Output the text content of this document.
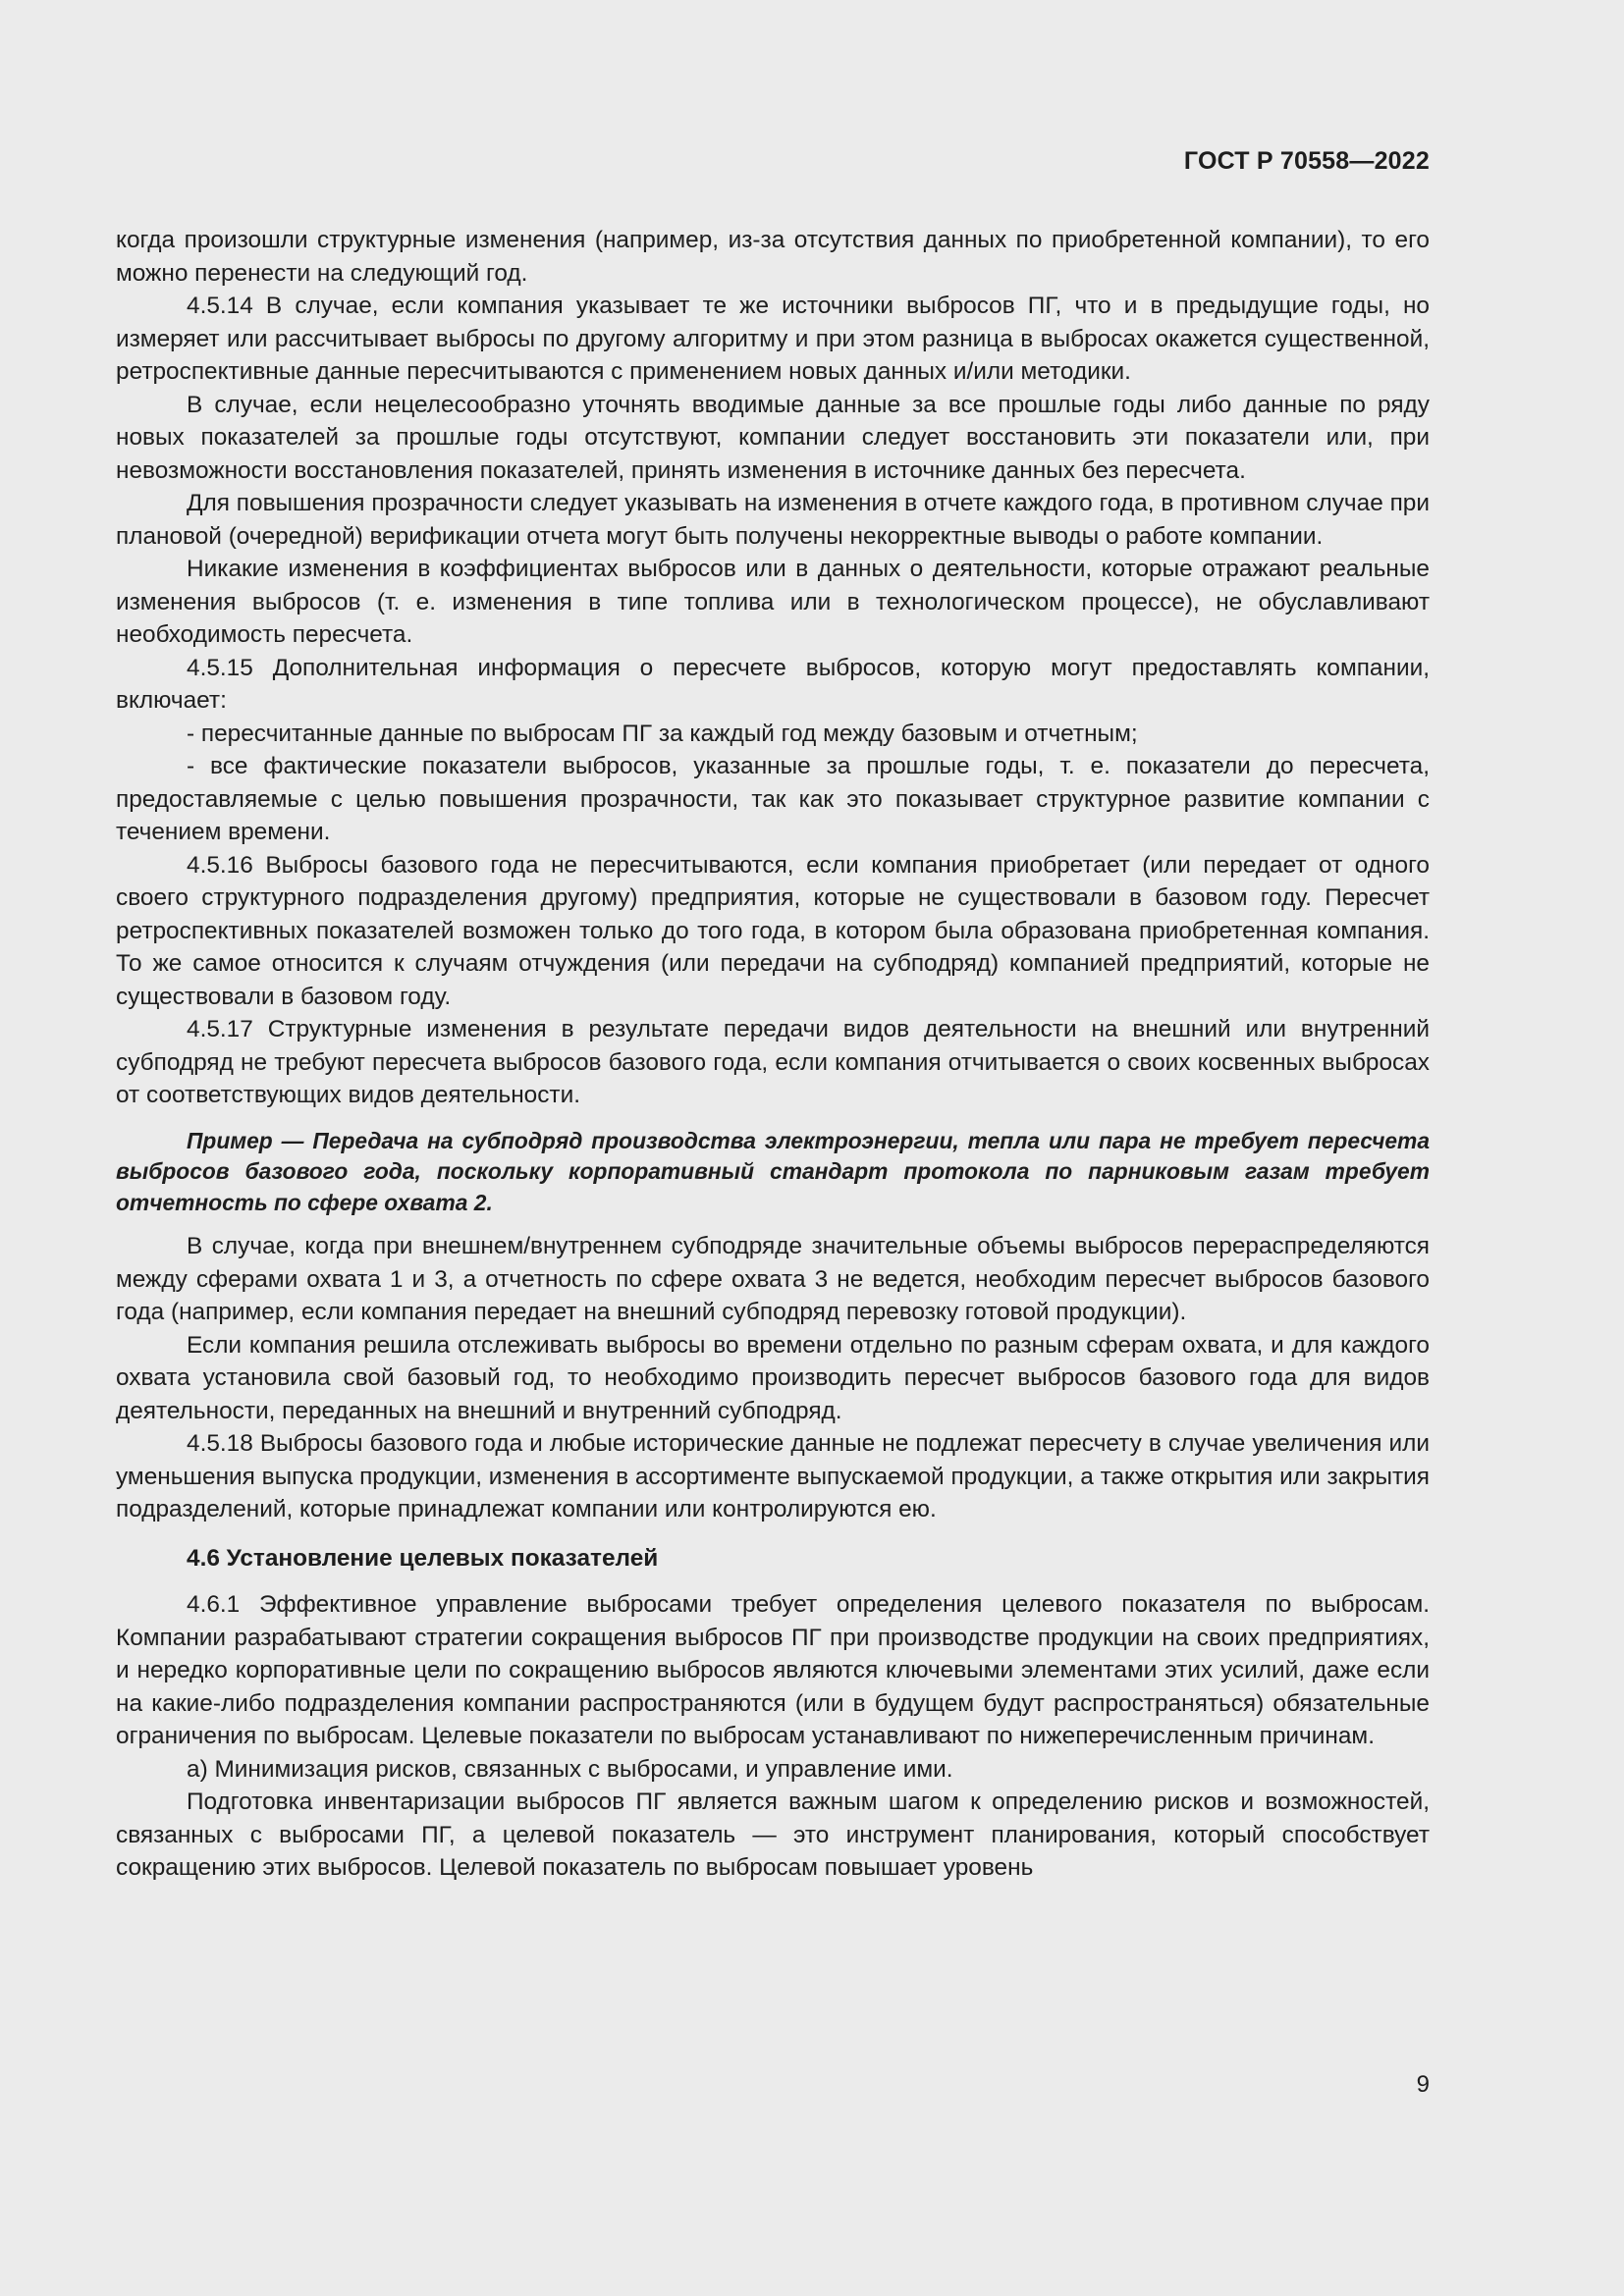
ГОСТ Р 70558—2022

когда произошли структурные изменения (например, из-за отсутствия данных по приобретенной компании), то его можно перенести на следующий год.

4.5.14 В случае, если компания указывает те же источники выбросов ПГ, что и в предыдущие годы, но измеряет или рассчитывает выбросы по другому алгоритму и при этом разница в выбросах окажется существенной, ретроспективные данные пересчитываются с применением новых данных и/или методики.

В случае, если нецелесообразно уточнять вводимые данные за все прошлые годы либо данные по ряду новых показателей за прошлые годы отсутствуют, компании следует восстановить эти показатели или, при невозможности восстановления показателей, принять изменения в источнике данных без пересчета.

Для повышения прозрачности следует указывать на изменения в отчете каждого года, в противном случае при плановой (очередной) верификации отчета могут быть получены некорректные выводы о работе компании.

Никакие изменения в коэффициентах выбросов или в данных о деятельности, которые отражают реальные изменения выбросов (т. е. изменения в типе топлива или в технологическом процессе), не обуславливают необходимость пересчета.

4.5.15 Дополнительная информация о пересчете выбросов, которую могут предоставлять компании, включает:

- пересчитанные данные по выбросам ПГ за каждый год между базовым и отчетным;

- все фактические показатели выбросов, указанные за прошлые годы, т. е. показатели до пересчета, предоставляемые с целью повышения прозрачности, так как это показывает структурное развитие компании с течением времени.

4.5.16 Выбросы базового года не пересчитываются, если компания приобретает (или передает от одного своего структурного подразделения другому) предприятия, которые не существовали в базовом году. Пересчет ретроспективных показателей возможен только до того года, в котором была образована приобретенная компания. То же самое относится к случаям отчуждения (или передачи на субподряд) компанией предприятий, которые не существовали в базовом году.

4.5.17 Структурные изменения в результате передачи видов деятельности на внешний или внутренний субподряд не требуют пересчета выбросов базового года, если компания отчитывается о своих косвенных выбросах от соответствующих видов деятельности.

Пример — Передача на субподряд производства электроэнергии, тепла или пара не требует пересчета выбросов базового года, поскольку корпоративный стандарт протокола по парниковым газам требует отчетность по сфере охвата 2.

В случае, когда при внешнем/внутреннем субподряде значительные объемы выбросов перераспределяются между сферами охвата 1 и 3, а отчетность по сфере охвата 3 не ведется, необходим пересчет выбросов базового года (например, если компания передает на внешний субподряд перевозку готовой продукции).

Если компания решила отслеживать выбросы во времени отдельно по разным сферам охвата, и для каждого охвата установила свой базовый год, то необходимо производить пересчет выбросов базового года для видов деятельности, переданных на внешний и внутренний субподряд.

4.5.18 Выбросы базового года и любые исторические данные не подлежат пересчету в случае увеличения или уменьшения выпуска продукции, изменения в ассортименте выпускаемой продукции, а также открытия или закрытия подразделений, которые принадлежат компании или контролируются ею.

4.6 Установление целевых показателей

4.6.1 Эффективное управление выбросами требует определения целевого показателя по выбросам. Компании разрабатывают стратегии сокращения выбросов ПГ при производстве продукции на своих предприятиях, и нередко корпоративные цели по сокращению выбросов являются ключевыми элементами этих усилий, даже если на какие-либо подразделения компании распространяются (или в будущем будут распространяться) обязательные ограничения по выбросам. Целевые показатели по выбросам устанавливают по нижеперечисленным причинам.

а) Минимизация рисков, связанных с выбросами, и управление ими.

Подготовка инвентаризации выбросов ПГ является важным шагом к определению рисков и возможностей, связанных с выбросами ПГ, а целевой показатель — это инструмент планирования, который способствует сокращению этих выбросов. Целевой показатель по выбросам повышает уровень

9
